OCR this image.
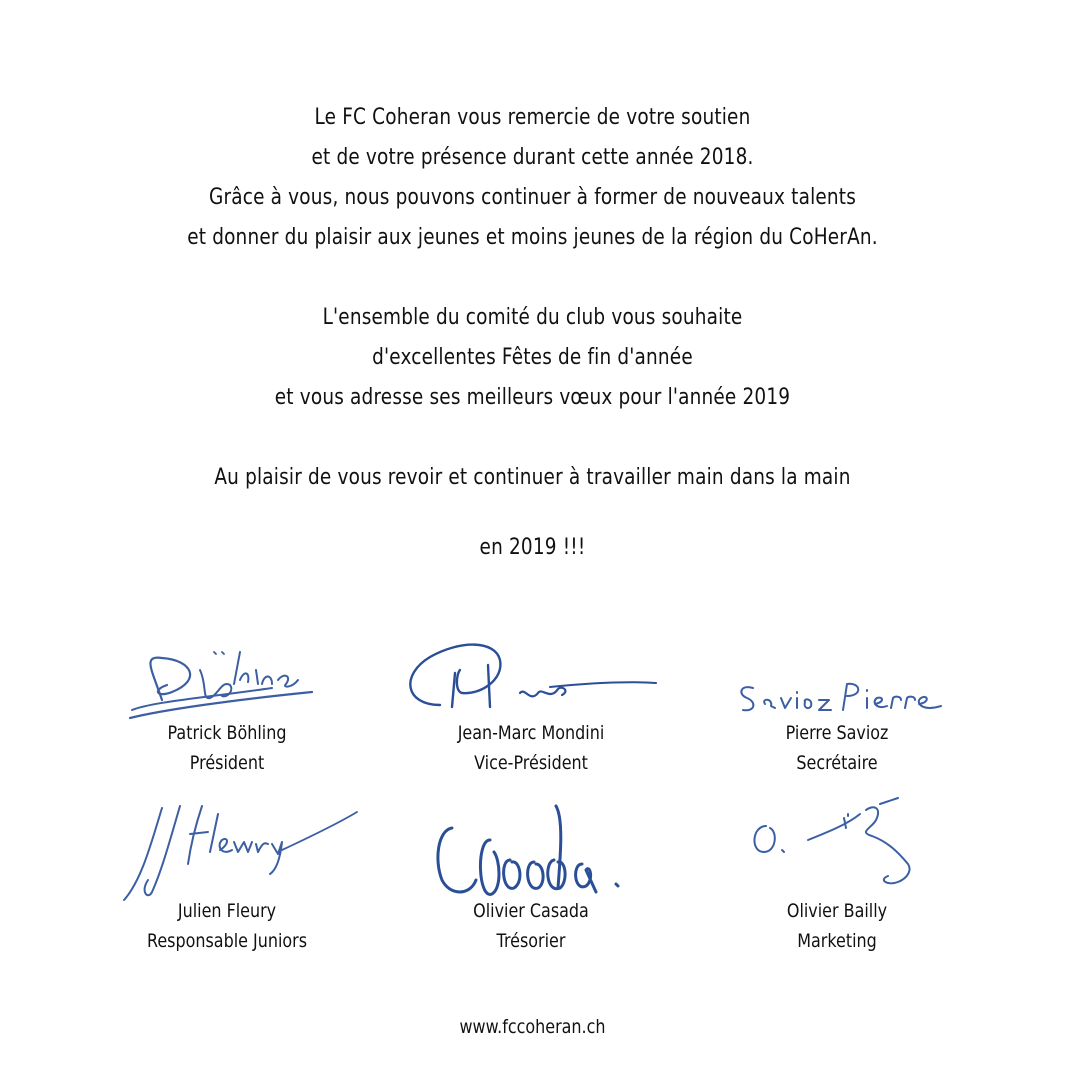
Le FC Coheran vous remercie de votre soutien
et de votre présence durant cette année 2018.
Grâce à vous, nous pouvons continuer à former de nouveaux talents
et donner du plaisir aux jeunes et moins jeunes de la région du CoHerAn.
L'ensemble du comité du club vous souhaite
d'excellentes Fêtes de fin d'année
et vous adresse ses meilleurs vœux pour l'année 2019
Au plaisir de vous revoir et continuer à travailler main dans la main
en 2019 !!!
Patrick Böhling
Président
Jean-Marc Mondini
Vice-Président
Pierre Savioz
Secrétaire
Julien Fleury
Responsable Juniors
Olivier Casada
Trésorier
Olivier Bailly
Marketing
www.fccoheran.ch
